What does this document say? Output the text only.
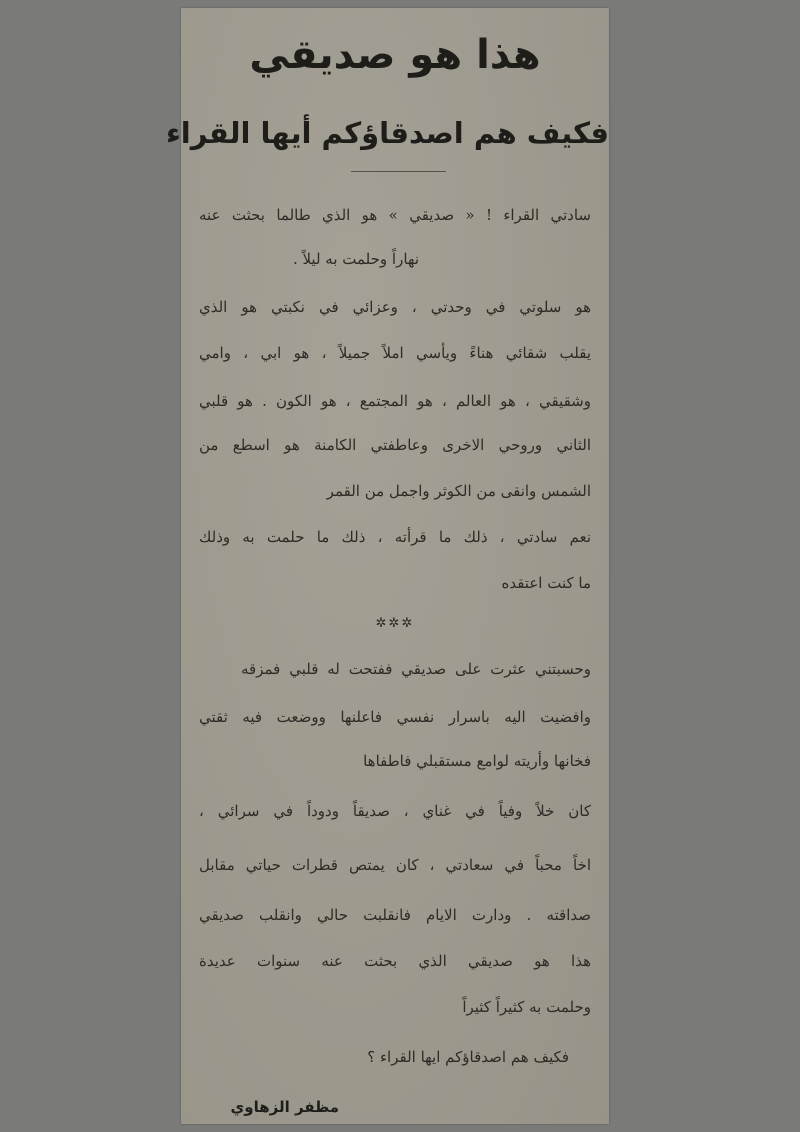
هذا هو صديقي
فكيف هم اصدقاؤكم أيها القراء
سادتي القراء ! « صديقي » هو الذي طالما بحثت عنه
نهاراً وحلمت به ليلاً .
هو سلوتي في وحدتي ، وعزائي في نكبتي هو الذي
يقلب شقائي هناءً ويأسي املاً جميلاً ، هو ابي ، وامي
وشقيقي ، هو العالم ، هو المجتمع ، هو الكون . هو قلبي
الثاني وروحي الاخرى وعاطفتي الكامنة هو اسطع من
الشمس وانقى من الكوثر واجمل من القمر
نعم سادتي ، ذلك ما قرأته ، ذلك ما حلمت به وذلك
ما كنت اعتقده
✲✲✲
وحسبتني عثرت على صديقي ففتحت له قلبي فمزقه
وافضيت اليه باسرار نفسي فاعلنها ووضعت فيه ثقتي
فخانها وأريته لوامع مستقبلي فاطفاها
كان خلاً وفياً في غناي ، صديقاً ودوداً في سرائي ،
اخاً محباً في سعادتي ، كان يمتص قطرات حياتي مقابل
صداقته . ودارت الايام فانقلبت حالي وانقلب صديقي
هذا هو صديقي الذي بحثت عنه سنوات عديدة
وحلمت به كثيراً كثيراً
فكيف هم اصدقاؤكم ايها القراء ؟
مظفر الزهاوي
